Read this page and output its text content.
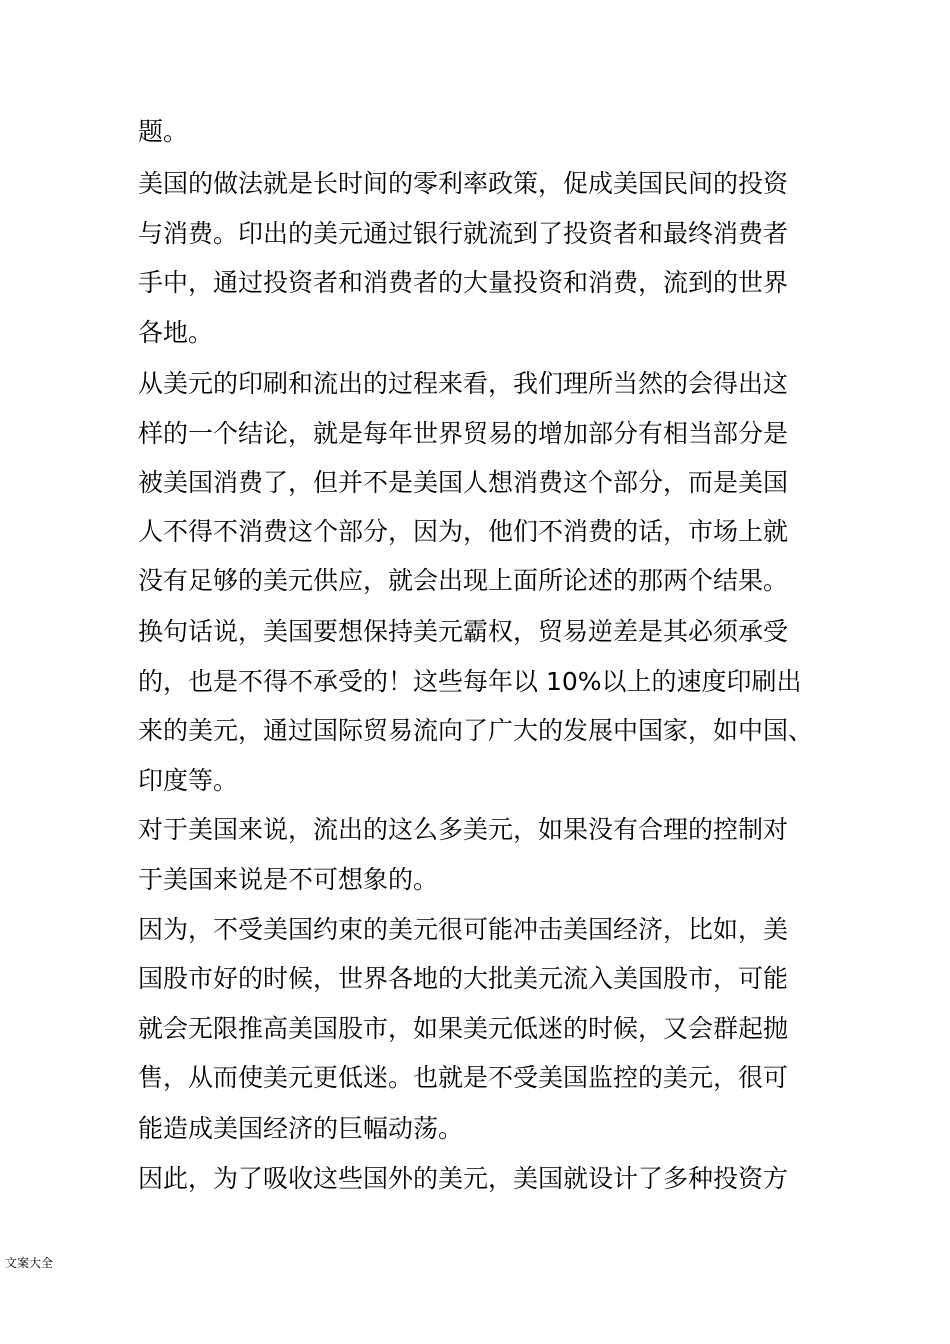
题。
美国的做法就是长时间的零利率政策，促成美国民间的投资
与消费。印出的美元通过银行就流到了投资者和最终消费者
手中，通过投资者和消费者的大量投资和消费，流到的世界
各地。
从美元的印刷和流出的过程来看，我们理所当然的会得出这
样的一个结论，就是每年世界贸易的增加部分有相当部分是
被美国消费了，但并不是美国人想消费这个部分，而是美国
人不得不消费这个部分，因为，他们不消费的话，市场上就
没有足够的美元供应，就会出现上面所论述的那两个结果。
换句话说，美国要想保持美元霸权，贸易逆差是其必须承受
的，也是不得不承受的！这些每年以 10%以上的速度印刷出
来的美元，通过国际贸易流向了广大的发展中国家，如中国、
印度等。
对于美国来说，流出的这么多美元，如果没有合理的控制对
于美国来说是不可想象的。
因为，不受美国约束的美元很可能冲击美国经济，比如，美
国股市好的时候，世界各地的大批美元流入美国股市，可能
就会无限推高美国股市，如果美元低迷的时候，又会群起抛
售，从而使美元更低迷。也就是不受美国监控的美元，很可
能造成美国经济的巨幅动荡。
因此，为了吸收这些国外的美元，美国就设计了多种投资方
文案大全
